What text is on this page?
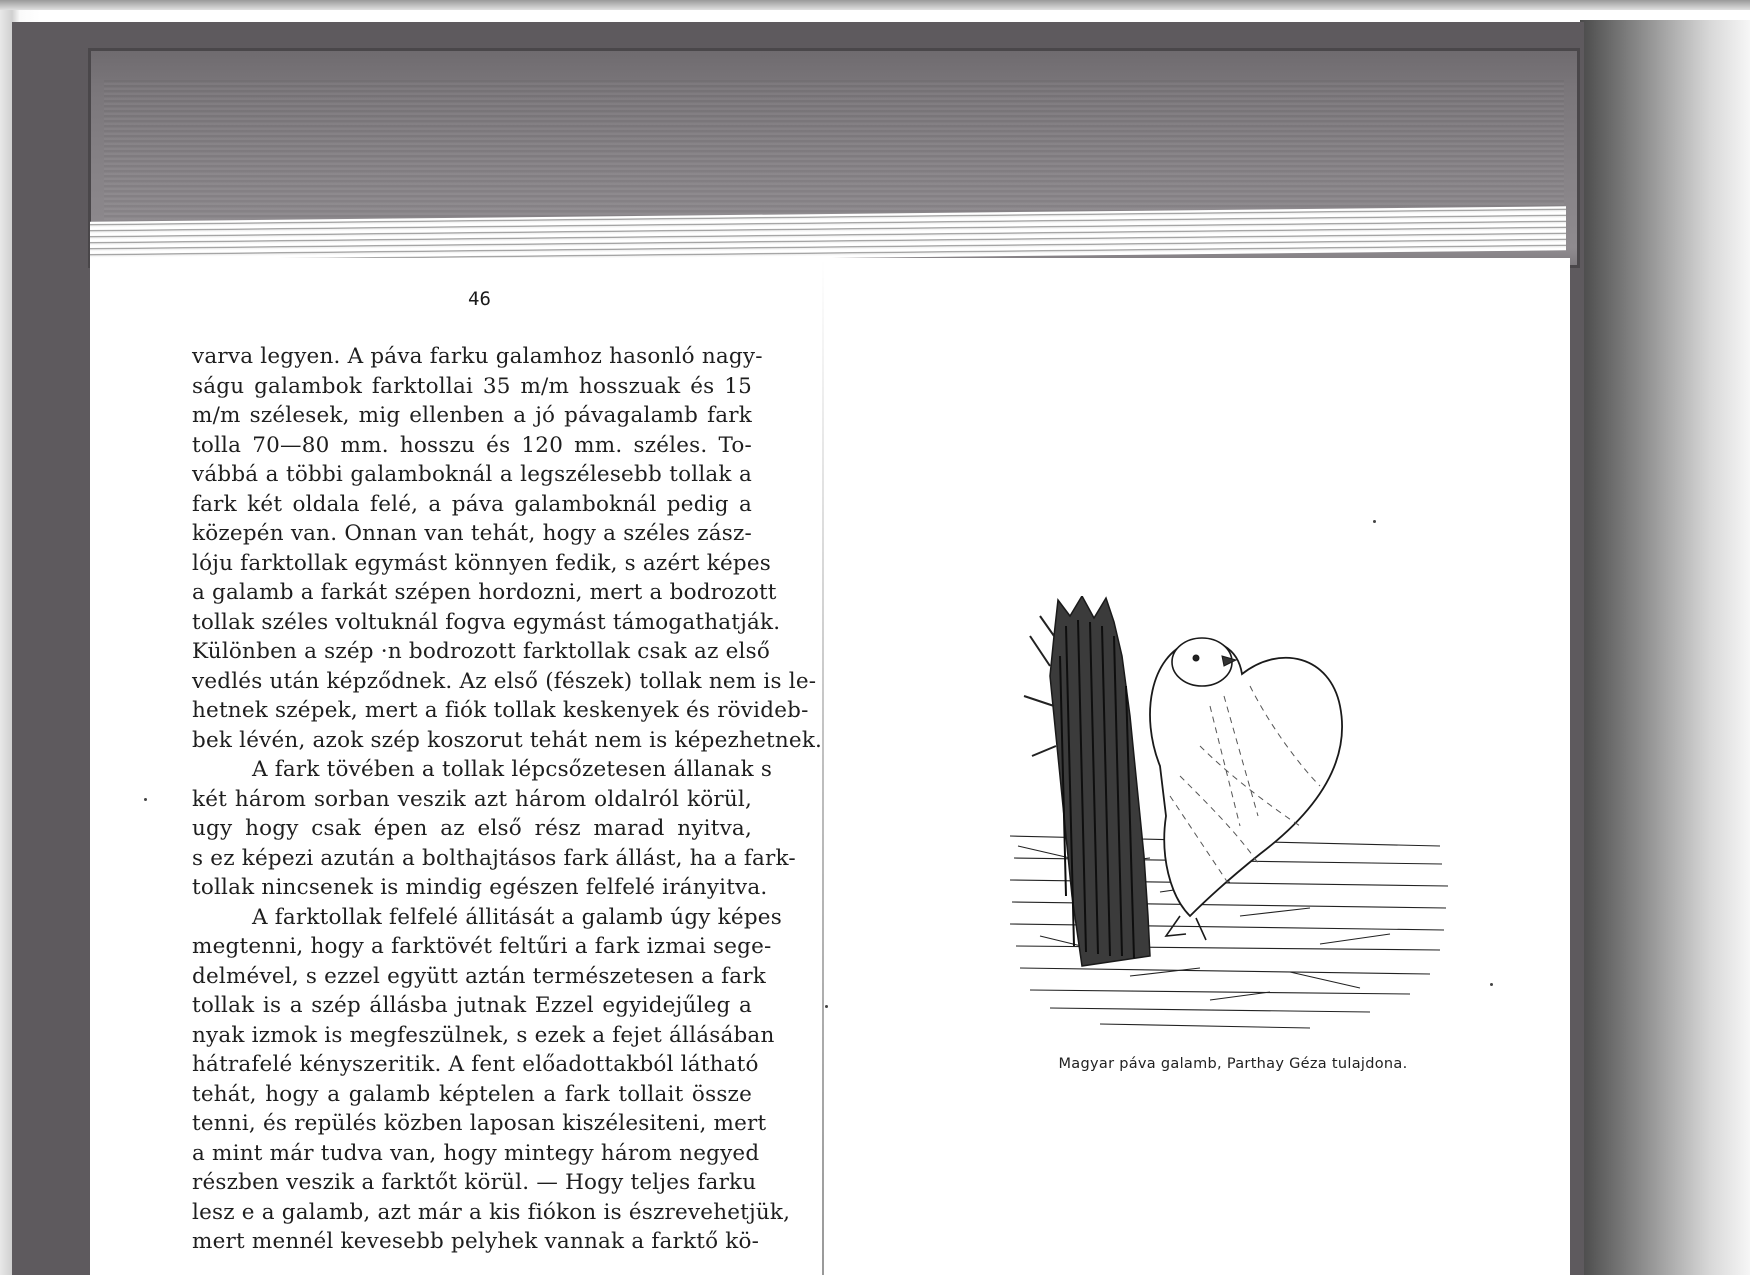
46
varva legyen. A páva farku galamhoz hasonló nagy-
ságu galambok farktollai 35 m/m hosszuak és 15
m/m szélesek, mig ellenben a jó pávagalamb fark
tolla 70—80 mm. hosszu és 120 mm. széles. To-
vábbá a többi galamboknál a legszélesebb tollak a
fark két oldala felé, a páva galamboknál pedig a
közepén van. Onnan van tehát, hogy a széles zász-
lóju farktollak egymást könnyen fedik, s azért képes
a galamb a farkát szépen hordozni, mert a bodrozott
tollak széles voltuknál fogva egymást támogathatják.
Különben a szép ·n bodrozott farktollak csak az első
vedlés után képződnek. Az első (fészek) tollak nem is le-
hetnek szépek, mert a fiók tollak keskenyek és rövideb-
bek lévén, azok szép koszorut tehát nem is képezhetnek.
A fark tövében a tollak lépcsőzetesen állanak s
két három sorban veszik azt három oldalról körül,
ugy hogy csak épen az első rész marad nyitva,
s ez képezi azután a bolthajtásos fark állást, ha a fark-
tollak nincsenek is mindig egészen felfelé irányitva.
A farktollak felfelé állitását a galamb úgy képes
megtenni, hogy a farktövét feltűri a fark izmai sege-
delmével, s ezzel együtt aztán természetesen a fark
tollak is a szép állásba jutnak Ezzel egyidejűleg a
nyak izmok is megfeszülnek, s ezek a fejet állásában
hátrafelé kényszeritik. A fent előadottakból látható
tehát, hogy a galamb képtelen a fark tollait össze
tenni, és repülés közben laposan kiszélesiteni, mert
a mint már tudva van, hogy mintegy három negyed
részben veszik a farktőt körül. — Hogy teljes farku
lesz e a galamb, azt már a kis fiókon is észrevehetjük,
mert mennél kevesebb pelyhek vannak a farktő kö-
Magyar páva galamb, Parthay Géza tulajdona.
